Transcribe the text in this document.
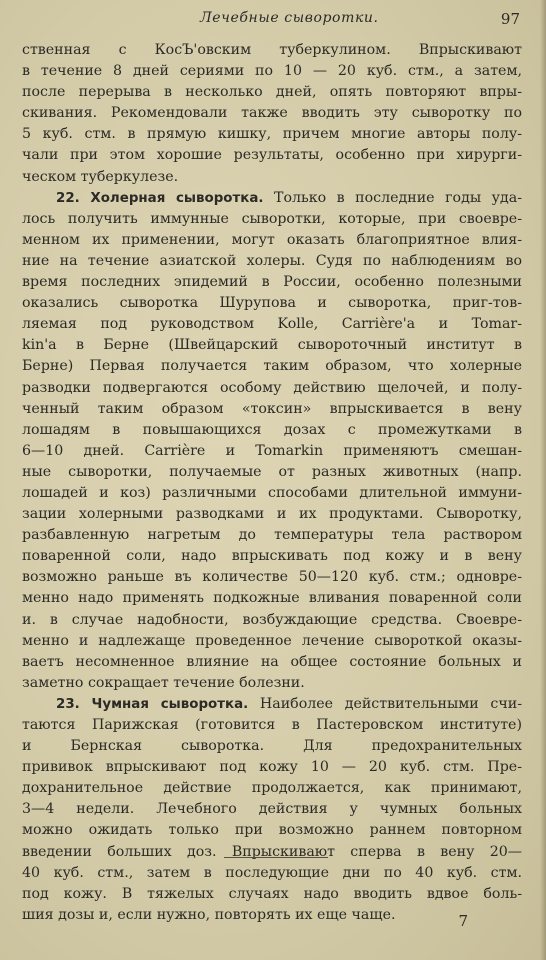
Лечебные сыворотки.	97
ственная с КосЪ'овским туберкулином. Впрыскивают
в течение 8 дней сериями по 10 — 20 куб. стм., а затем,
после перерыва в несколько дней, опять повторяют впры-
скивания. Рекомендовали также вводить эту сыворотку по
5 куб. стм. в прямую кишку, причем многие авторы полу-
чали при этом хорошие результаты, особенно при хирурги-
ческом туберкулезе.
22. Холерная сыворотка. Только в последние годы уда-
лось получить иммунные сыворотки, которые, при своевре-
менном их применении, могут оказать благоприятное влия-
ние на течение азиатской холеры. Судя по наблюдениям во
время последних эпидемий в России, особенно полезными
оказались сыворотка Шурупова и сыворотка, приг-тов-
ляемая под руководством Kolle, Carrière'a и Tomar-
kin'a в Берне (Швейцарский сывороточный институт в
Берне) Первая получается таким образом, что холерные
разводки подвергаются особому действию щелочей, и полу-
ченный таким образом «токсин» впрыскивается в вену
лошадям в повышающихся дозах с промежутками в
6—10 дней. Carrière и Tomarkin применяютъ смешан-
ные сыворотки, получаемые от разных животных (напр.
лошадей и коз) различными способами длительной иммуни-
зации холерными разводками и их продуктами. Сыворотку,
разбавленную нагретым до температуры тела раствором
поваренной соли, надо впрыскивать под кожу и в вену
возможно раньше въ количестве 50—120 куб. стм.; одновре-
менно надо применять подкожные вливания поваренной соли
и. в случае надобности, возбуждающие средства. Своевре-
менно и надлежаще проведенное лечение сывороткой оказы-
ваетъ несомненное влияние на общее состояние больных и
заметно сокращает течение болезни.
23. Чумная сыворотка. Наиболее действительными счи-
таются Парижская (готовится в Пастеровском институте)
и Бернская сыворотка. Для предохранительных
прививок впрыскивают под кожу 10 — 20 куб. стм. Пре-
дохранительное действие продолжается, как принимают,
3—4 недели. Лечебного действия у чумных больных
можно ожидать только при возможно раннем повторном
введении больших доз. Впрыскивают сперва в вену 20—
40 куб. стм., затем в последующие дни по 40 куб. стм.
под кожу. В тяжелых случаях надо вводить вдвое боль-
шия дозы и, если нужно, повторять их еще чаще.	7
